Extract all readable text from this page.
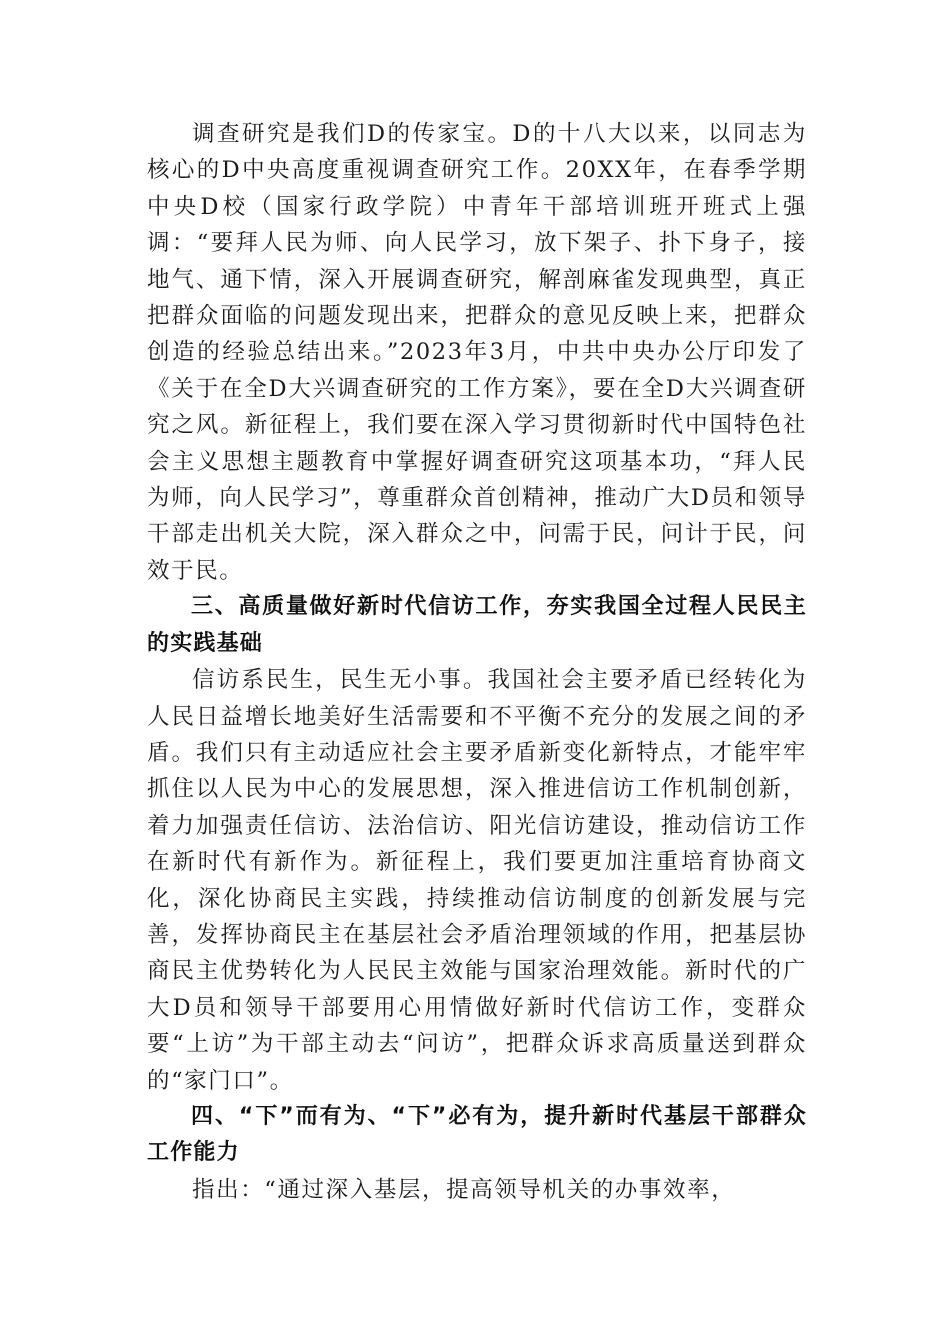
调查研究是我们D的传家宝。D的十八大以来，以同志为核心的D中央高度重视调查研究工作。20XX年，在春季学期中央D校（国家行政学院）中青年干部培训班开班式上强调：“要拜人民为师、向人民学习，放下架子、扑下身子，接地气、通下情，深入开展调查研究，解剖麻雀发现典型，真正把群众面临的问题发现出来，把群众的意见反映上来，把群众创造的经验总结出来。”2023年3月，中共中央办公厅印发了《关于在全D大兴调查研究的工作方案》，要在全D大兴调查研究之风。新征程上，我们要在深入学习贯彻新时代中国特色社会主义思想主题教育中掌握好调查研究这项基本功，“拜人民为师，向人民学习”，尊重群众首创精神，推动广大D员和领导干部走出机关大院，深入群众之中，问需于民，问计于民，问效于民。

三、高质量做好新时代信访工作，夯实我国全过程人民民主的实践基础

信访系民生，民生无小事。我国社会主要矛盾已经转化为人民日益增长地美好生活需要和不平衡不充分的发展之间的矛盾。我们只有主动适应社会主要矛盾新变化新特点，才能牢牢抓住以人民为中心的发展思想，深入推进信访工作机制创新，着力加强责任信访、法治信访、阳光信访建设，推动信访工作在新时代有新作为。新征程上，我们要更加注重培育协商文化，深化协商民主实践，持续推动信访制度的创新发展与完善，发挥协商民主在基层社会矛盾治理领域的作用，把基层协商民主优势转化为人民民主效能与国家治理效能。新时代的广大D员和领导干部要用心用情做好新时代信访工作，变群众要“上访”为干部主动去“问访”，把群众诉求高质量送到群众的“家门口”。

四、“下”而有为、“下”必有为，提升新时代基层干部群众工作能力

指出：“通过深入基层，提高领导机关的办事效率，
